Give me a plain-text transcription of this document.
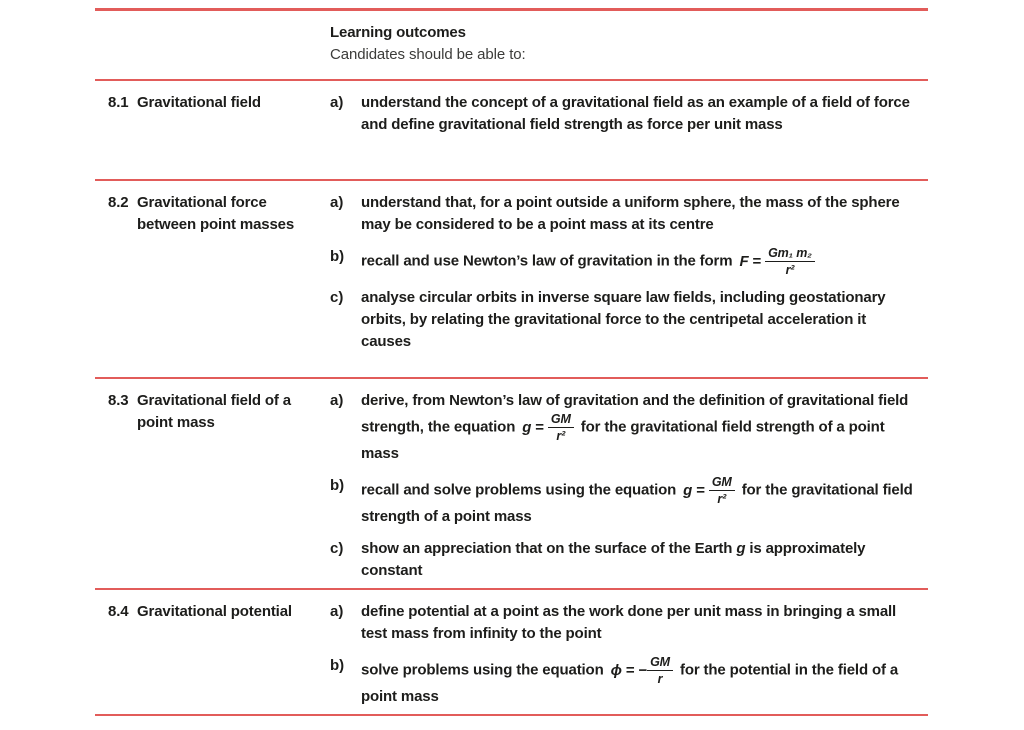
Learning outcomes
Candidates should be able to:
8.1 Gravitational field	a)	understand the concept of a gravitational field as an example of a field of force and define gravitational field strength as force per unit mass
8.2 Gravitational force between point masses
a)	understand that, for a point outside a uniform sphere, the mass of the sphere may be considered to be a point mass at its centre
b)	recall and use Newton’s law of gravitation in the form $F = \frac{\text{Gm₁ m₂}}{\text{r²}}$
c)	analyse circular orbits in inverse square law fields, including geostationary orbits, by relating the gravitational force to the centripetal acceleration it causes
8.3 Gravitational field of a point mass
a)	derive, from Newton’s law of gravitation and the definition of gravitational field strength, the equation $g = \frac{GM}{\text{r²}}$ for the gravitational field strength of a point mass
b)	recall and solve problems using the equation $g = \frac{GM}{\text{r²}}$ for the gravitational field strength of a point mass
c)	show an appreciation that on the surface of the Earth g is approximately constant
8.4 Gravitational potential	a)	define potential at a point as the work done per unit mass in bringing a small test mass from infinity to the point
b)	solve problems using the equation ϕ = − $\frac{GM}{r}$ for the potential in the field of a point mass
